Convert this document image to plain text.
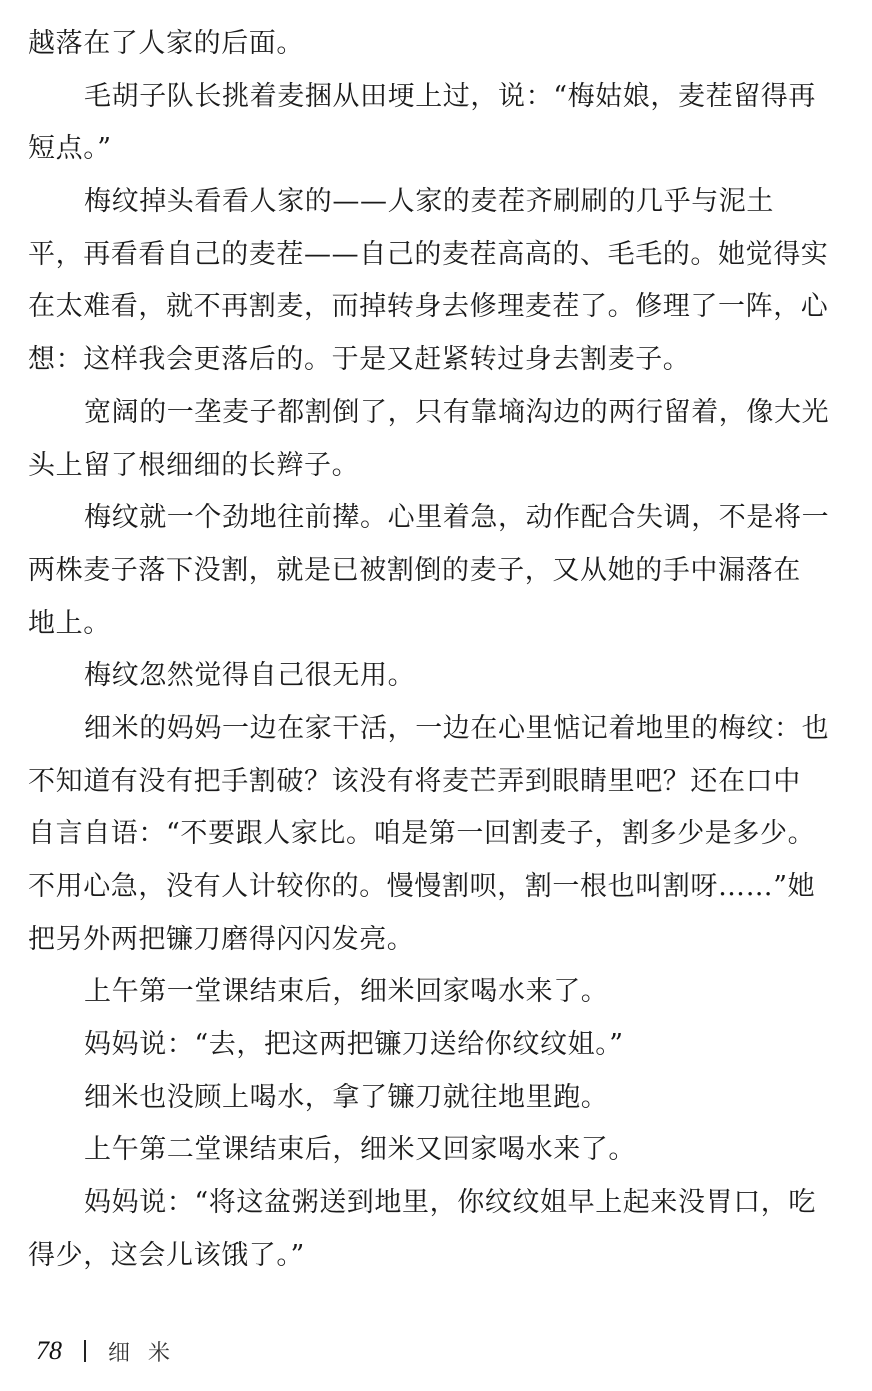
越落在了人家的后面。
毛胡子队长挑着麦捆从田埂上过，说：“梅姑娘，麦茬留得再
短点。”
梅纹掉头看看人家的——人家的麦茬齐刷刷的几乎与泥土
平，再看看自己的麦茬——自己的麦茬高高的、毛毛的。她觉得实
在太难看，就不再割麦，而掉转身去修理麦茬了。修理了一阵，心
想：这样我会更落后的。于是又赶紧转过身去割麦子。
宽阔的一垄麦子都割倒了，只有靠墒沟边的两行留着，像大光
头上留了根细细的长辫子。
梅纹就一个劲地往前撵。心里着急，动作配合失调，不是将一
两株麦子落下没割，就是已被割倒的麦子，又从她的手中漏落在
地上。
梅纹忽然觉得自己很无用。
细米的妈妈一边在家干活，一边在心里惦记着地里的梅纹：也
不知道有没有把手割破？该没有将麦芒弄到眼睛里吧？还在口中
自言自语：“不要跟人家比。咱是第一回割麦子，割多少是多少。
不用心急，没有人计较你的。慢慢割呗，割一根也叫割呀……”她
把另外两把镰刀磨得闪闪发亮。
上午第一堂课结束后，细米回家喝水来了。
妈妈说：“去，把这两把镰刀送给你纹纹姐。”
细米也没顾上喝水，拿了镰刀就往地里跑。
上午第二堂课结束后，细米又回家喝水来了。
妈妈说：“将这盆粥送到地里，你纹纹姐早上起来没胃口，吃
得少，这会儿该饿了。”
78 细米
